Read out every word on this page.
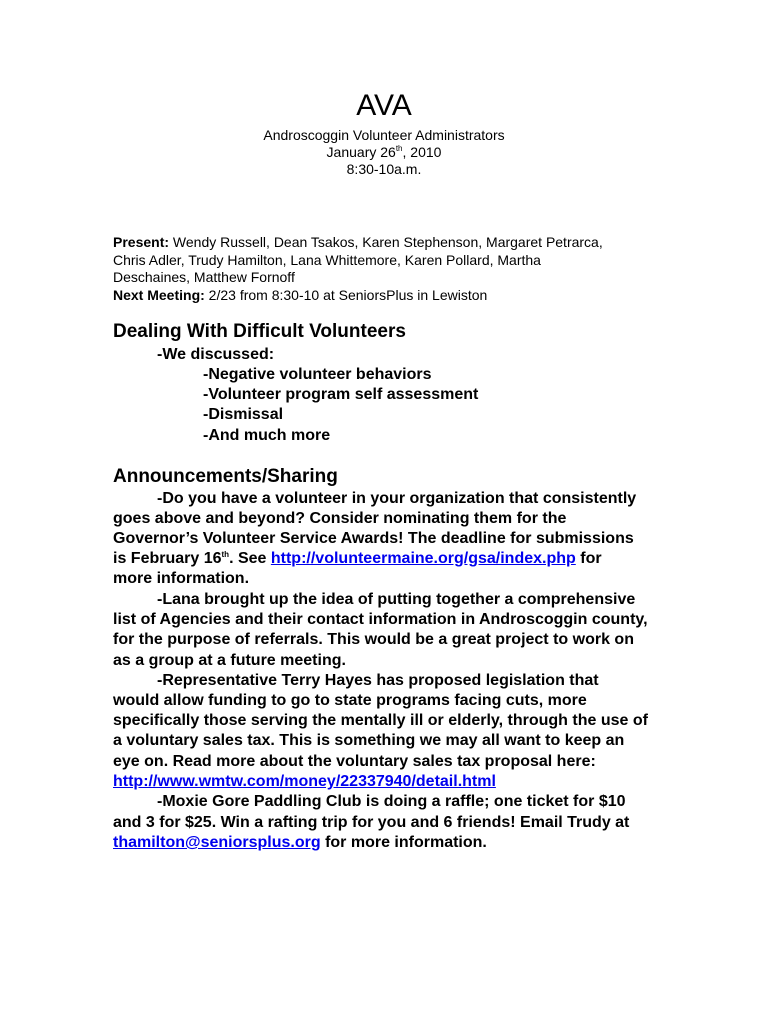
AVA
Androscoggin Volunteer Administrators
January 26th, 2010
8:30-10a.m.
Present: Wendy Russell, Dean Tsakos, Karen Stephenson, Margaret Petrarca,
Chris Adler, Trudy Hamilton, Lana Whittemore, Karen Pollard, Martha
Deschaines, Matthew Fornoff
Next Meeting: 2/23 from 8:30-10 at SeniorsPlus in Lewiston
Dealing With Difficult Volunteers
-We discussed:
-Negative volunteer behaviors
-Volunteer program self assessment
-Dismissal
-And much more
Announcements/Sharing
-Do you have a volunteer in your organization that consistently
goes above and beyond? Consider nominating them for the
Governor’s Volunteer Service Awards! The deadline for submissions
is February 16th. See http://volunteermaine.org/gsa/index.php for
more information.
-Lana brought up the idea of putting together a comprehensive
list of Agencies and their contact information in Androscoggin county,
for the purpose of referrals. This would be a great project to work on
as a group at a future meeting.
-Representative Terry Hayes has proposed legislation that
would allow funding to go to state programs facing cuts, more
specifically those serving the mentally ill or elderly, through the use of
a voluntary sales tax. This is something we may all want to keep an
eye on. Read more about the voluntary sales tax proposal here:
http://www.wmtw.com/money/22337940/detail.html
-Moxie Gore Paddling Club is doing a raffle; one ticket for $10
and 3 for $25. Win a rafting trip for you and 6 friends! Email Trudy at
thamilton@seniorsplus.org for more information.
